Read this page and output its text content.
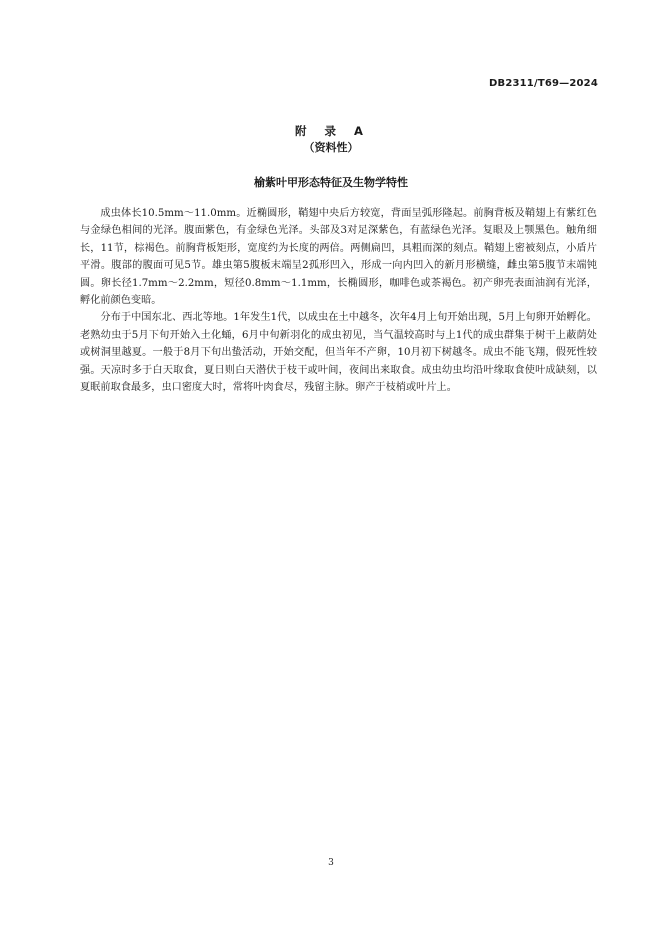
DB2311/T69—2024
附 录 A
（资料性）
榆紫叶甲形态特征及生物学特性

成虫体长10.5mm～11.0mm。近椭圆形，鞘翅中央后方较宽，背面呈弧形隆起。前胸背板及鞘翅上有紫红色与金绿色相间的光泽。腹面紫色，有金绿色光泽。头部及3对足深紫色，有蓝绿色光泽。复眼及上颚黑色。触角细长，11节，棕褐色。前胸背板矩形，宽度约为长度的两倍。两侧扁凹，具粗而深的刻点。鞘翅上密被刻点，小盾片平滑。腹部的腹面可见5节。雄虫第5腹板末端呈2孤形凹入，形成一向内凹入的新月形横缝，雌虫第5腹节末端钝圆。卵长径1.7mm～2.2mm，短径0.8mm～1.1mm，长椭圆形，咖啡色或茶褐色。初产卵壳表面油润有光泽，孵化前颜色变暗。

分布于中国东北、西北等地。1年发生1代，以成虫在土中越冬，次年4月上旬开始出现，5月上旬卵开始孵化。老熟幼虫于5月下旬开始入土化蛹，6月中旬新羽化的成虫初见，当气温较高时与上1代的成虫群集于树干上蔽荫处或树洞里越夏。一般于8月下旬出蛰活动，开始交配，但当年不产卵，10月初下树越冬。成虫不能飞翔，假死性较强。天凉时多于白天取食，夏日则白天潜伏于枝干或叶间，夜间出来取食。成虫幼虫均沿叶缘取食使叶成缺刻，以夏眠前取食最多，虫口密度大时，常将叶肉食尽，残留主脉。卵产于枝梢或叶片上。

3
